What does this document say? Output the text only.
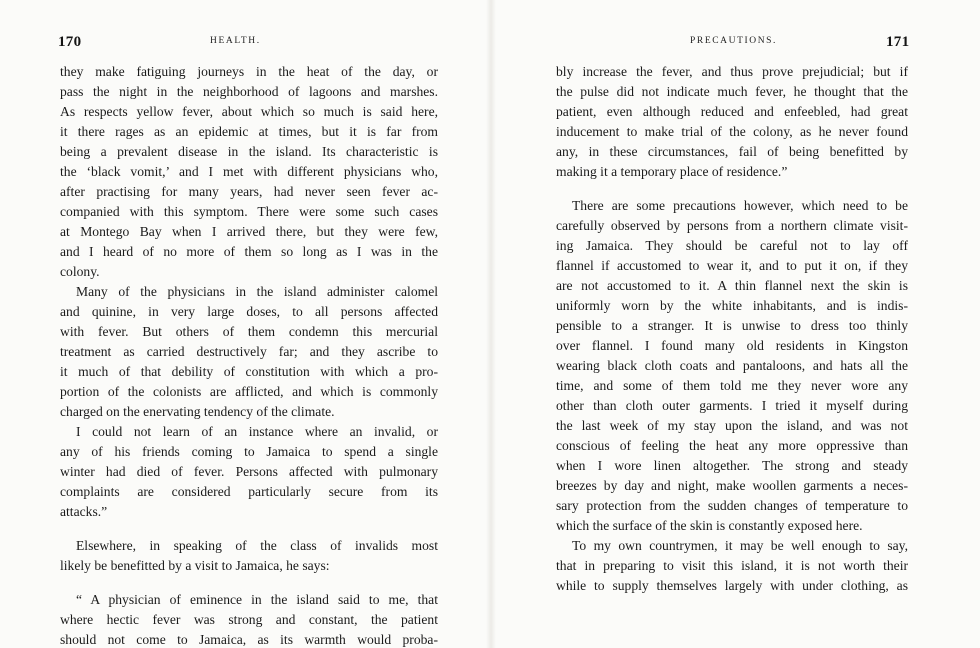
170	HEALTH.
they make fatiguing journeys in the heat of the day, or
pass the night in the neighborhood of lagoons and marshes.
As respects yellow fever, about which so much is said here,
it there rages as an epidemic at times, but it is far from
being a prevalent disease in the island. Its characteristic is
the ‘black vomit,’ and I met with different physicians who,
after practising for many years, had never seen fever ac-
companied with this symptom. There were some such cases
at Montego Bay when I arrived there, but they were few,
and I heard of no more of them so long as I was in the
colony.
Many of the physicians in the island administer calomel
and quinine, in very large doses, to all persons affected
with fever. But others of them condemn this mercurial
treatment as carried destructively far; and they ascribe to
it much of that debility of constitution with which a pro-
portion of the colonists are afflicted, and which is commonly
charged on the enervating tendency of the climate.
I could not learn of an instance where an invalid, or
any of his friends coming to Jamaica to spend a single
winter had died of fever. Persons affected with pulmonary
complaints are considered particularly secure from its
attacks.”
Elsewhere, in speaking of the class of invalids most
likely be benefitted by a visit to Jamaica, he says:
“ A physician of eminence in the island said to me, that
where hectic fever was strong and constant, the patient
should not come to Jamaica, as its warmth would proba-
PRECAUTIONS.	171
bly increase the fever, and thus prove prejudicial; but if
the pulse did not indicate much fever, he thought that the
patient, even although reduced and enfeebled, had great
inducement to make trial of the colony, as he never found
any, in these circumstances, fail of being benefitted by
making it a temporary place of residence.”
There are some precautions however, which need to be
carefully observed by persons from a northern climate visit-
ing Jamaica. They should be careful not to lay off
flannel if accustomed to wear it, and to put it on, if they
are not accustomed to it. A thin flannel next the skin is
uniformly worn by the white inhabitants, and is indis-
pensible to a stranger. It is unwise to dress too thinly
over flannel. I found many old residents in Kingston
wearing black cloth coats and pantaloons, and hats all the
time, and some of them told me they never wore any
other than cloth outer garments. I tried it myself during
the last week of my stay upon the island, and was not
conscious of feeling the heat any more oppressive than
when I wore linen altogether. The strong and steady
breezes by day and night, make woollen garments a neces-
sary protection from the sudden changes of temperature to
which the surface of the skin is constantly exposed here.
To my own countrymen, it may be well enough to say,
that in preparing to visit this island, it is not worth their
while to supply themselves largely with under clothing, as
